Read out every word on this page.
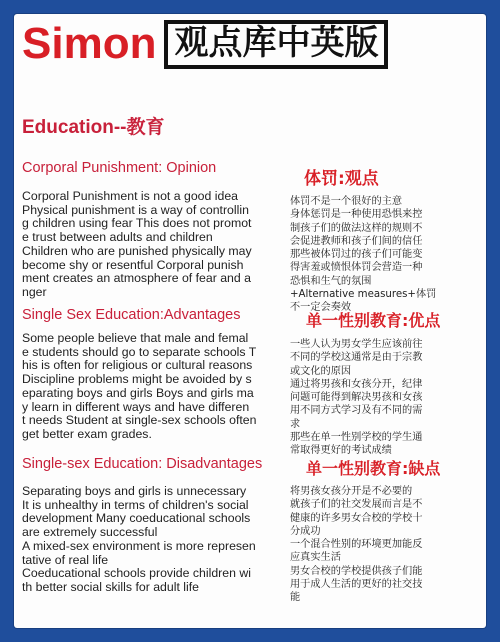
Simon 观点库中英版
Education--教育
Corporal Punishment: Opinion
Corporal Punishment is not a good idea
Physical punishment is a way of controllin
g children using fear This does not promot
e trust between adults and children
Children who are punished physically may
become shy or resentful Corporal punish
ment creates an atmosphere of fear and a
nger
Single Sex Education:Advantages
Some people believe that male and femal
e students should go to separate schools T
his is often for religious or cultural reasons
Discipline problems might be avoided by s
eparating boys and girls Boys and girls ma
y learn in different ways and have differen
t needs Student at single-sex schools often
get better exam grades.
Single-sex Education: Disadvantages
Separating boys and girls is unnecessary
It is unhealthy in terms of children's social
development Many coeducational schools
are extremely successful
A mixed-sex environment is more represen
tative of real life
Coeducational schools provide children wi
th better social skills for adult life
体罚:观点
体罚不是一个很好的主意
身体惩罚是一种使用恐惧来控
制孩子们的做法这样的规则不
会促进教师和孩子们间的信任
那些被体罚过的孩子们可能变
得害羞或愤恨体罚会营造一种
恐惧和生气的氛围
+Alternative measures+体罚
不一定会奏效
单一性别教育:优点
一些人认为男女学生应该前往
不同的学校这通常是由于宗教
或文化的原因
通过将男孩和女孩分开，纪律
问题可能得到解决男孩和女孩
用不同方式学习及有不同的需
求
那些在单一性别学校的学生通
常取得更好的考试成绩
单一性别教育:缺点
将男孩女孩分开是不必要的
就孩子们的社交发展而言是不
健康的许多男女合校的学校十
分成功
一个混合性别的环境更加能反
应真实生活
男女合校的学校提供孩子们能
用于成人生活的更好的社交技
能
